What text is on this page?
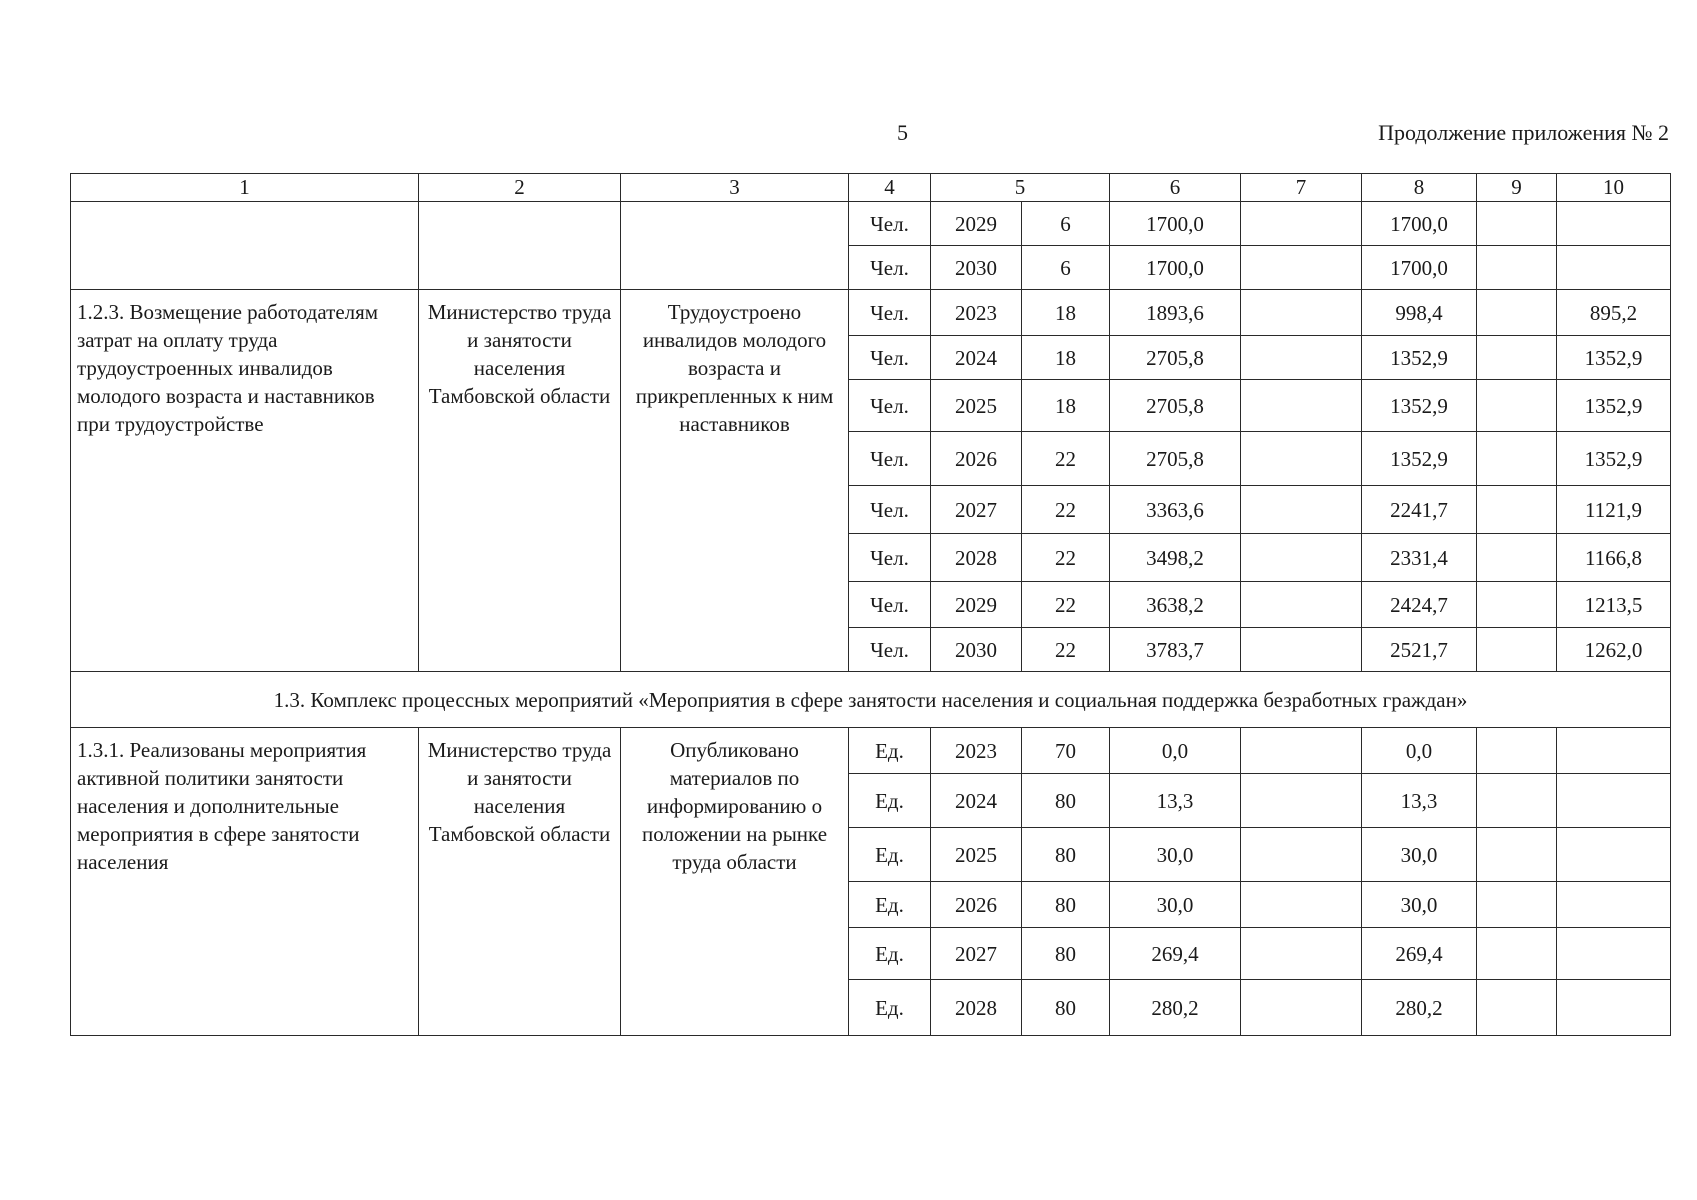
5	Продолжение приложения № 2
1	2	3	4	5		6	7	8	9	10
			Чел.	2029	6	1700,0		1700,0		
			Чел.	2030	6	1700,0		1700,0		
1.2.3. Возмещение работодателям затрат на оплату труда трудоустроенных инвалидов молодого возраста и наставников при трудоустройстве	Министерство труда и занятости населения Тамбовской области	Трудоустроено инвалидов молодого возраста и прикрепленных к ним наставников	Чел.	2023	18	1893,6		998,4		895,2
			Чел.	2024	18	2705,8		1352,9		1352,9
			Чел.	2025	18	2705,8		1352,9		1352,9
			Чел.	2026	22	2705,8		1352,9		1352,9
			Чел.	2027	22	3363,6		2241,7		1121,9
			Чел.	2028	22	3498,2		2331,4		1166,8
			Чел.	2029	22	3638,2		2424,7		1213,5
			Чел.	2030	22	3783,7		2521,7		1262,0
1.3. Комплекс процессных мероприятий «Мероприятия в сфере занятости населения и социальная поддержка безработных граждан»										
1.3.1. Реализованы мероприятия активной политики занятости населения и дополнительные мероприятия в сфере занятости населения	Министерство труда и занятости населения Тамбовской области	Опубликовано материалов по информированию о положении на рынке труда области	Ед.	2023	70	0,0		0,0		
			Ед.	2024	80	13,3		13,3		
			Ед.	2025	80	30,0		30,0		
			Ед.	2026	80	30,0		30,0		
			Ед.	2027	80	269,4		269,4		
			Ед.	2028	80	280,2		280,2		
